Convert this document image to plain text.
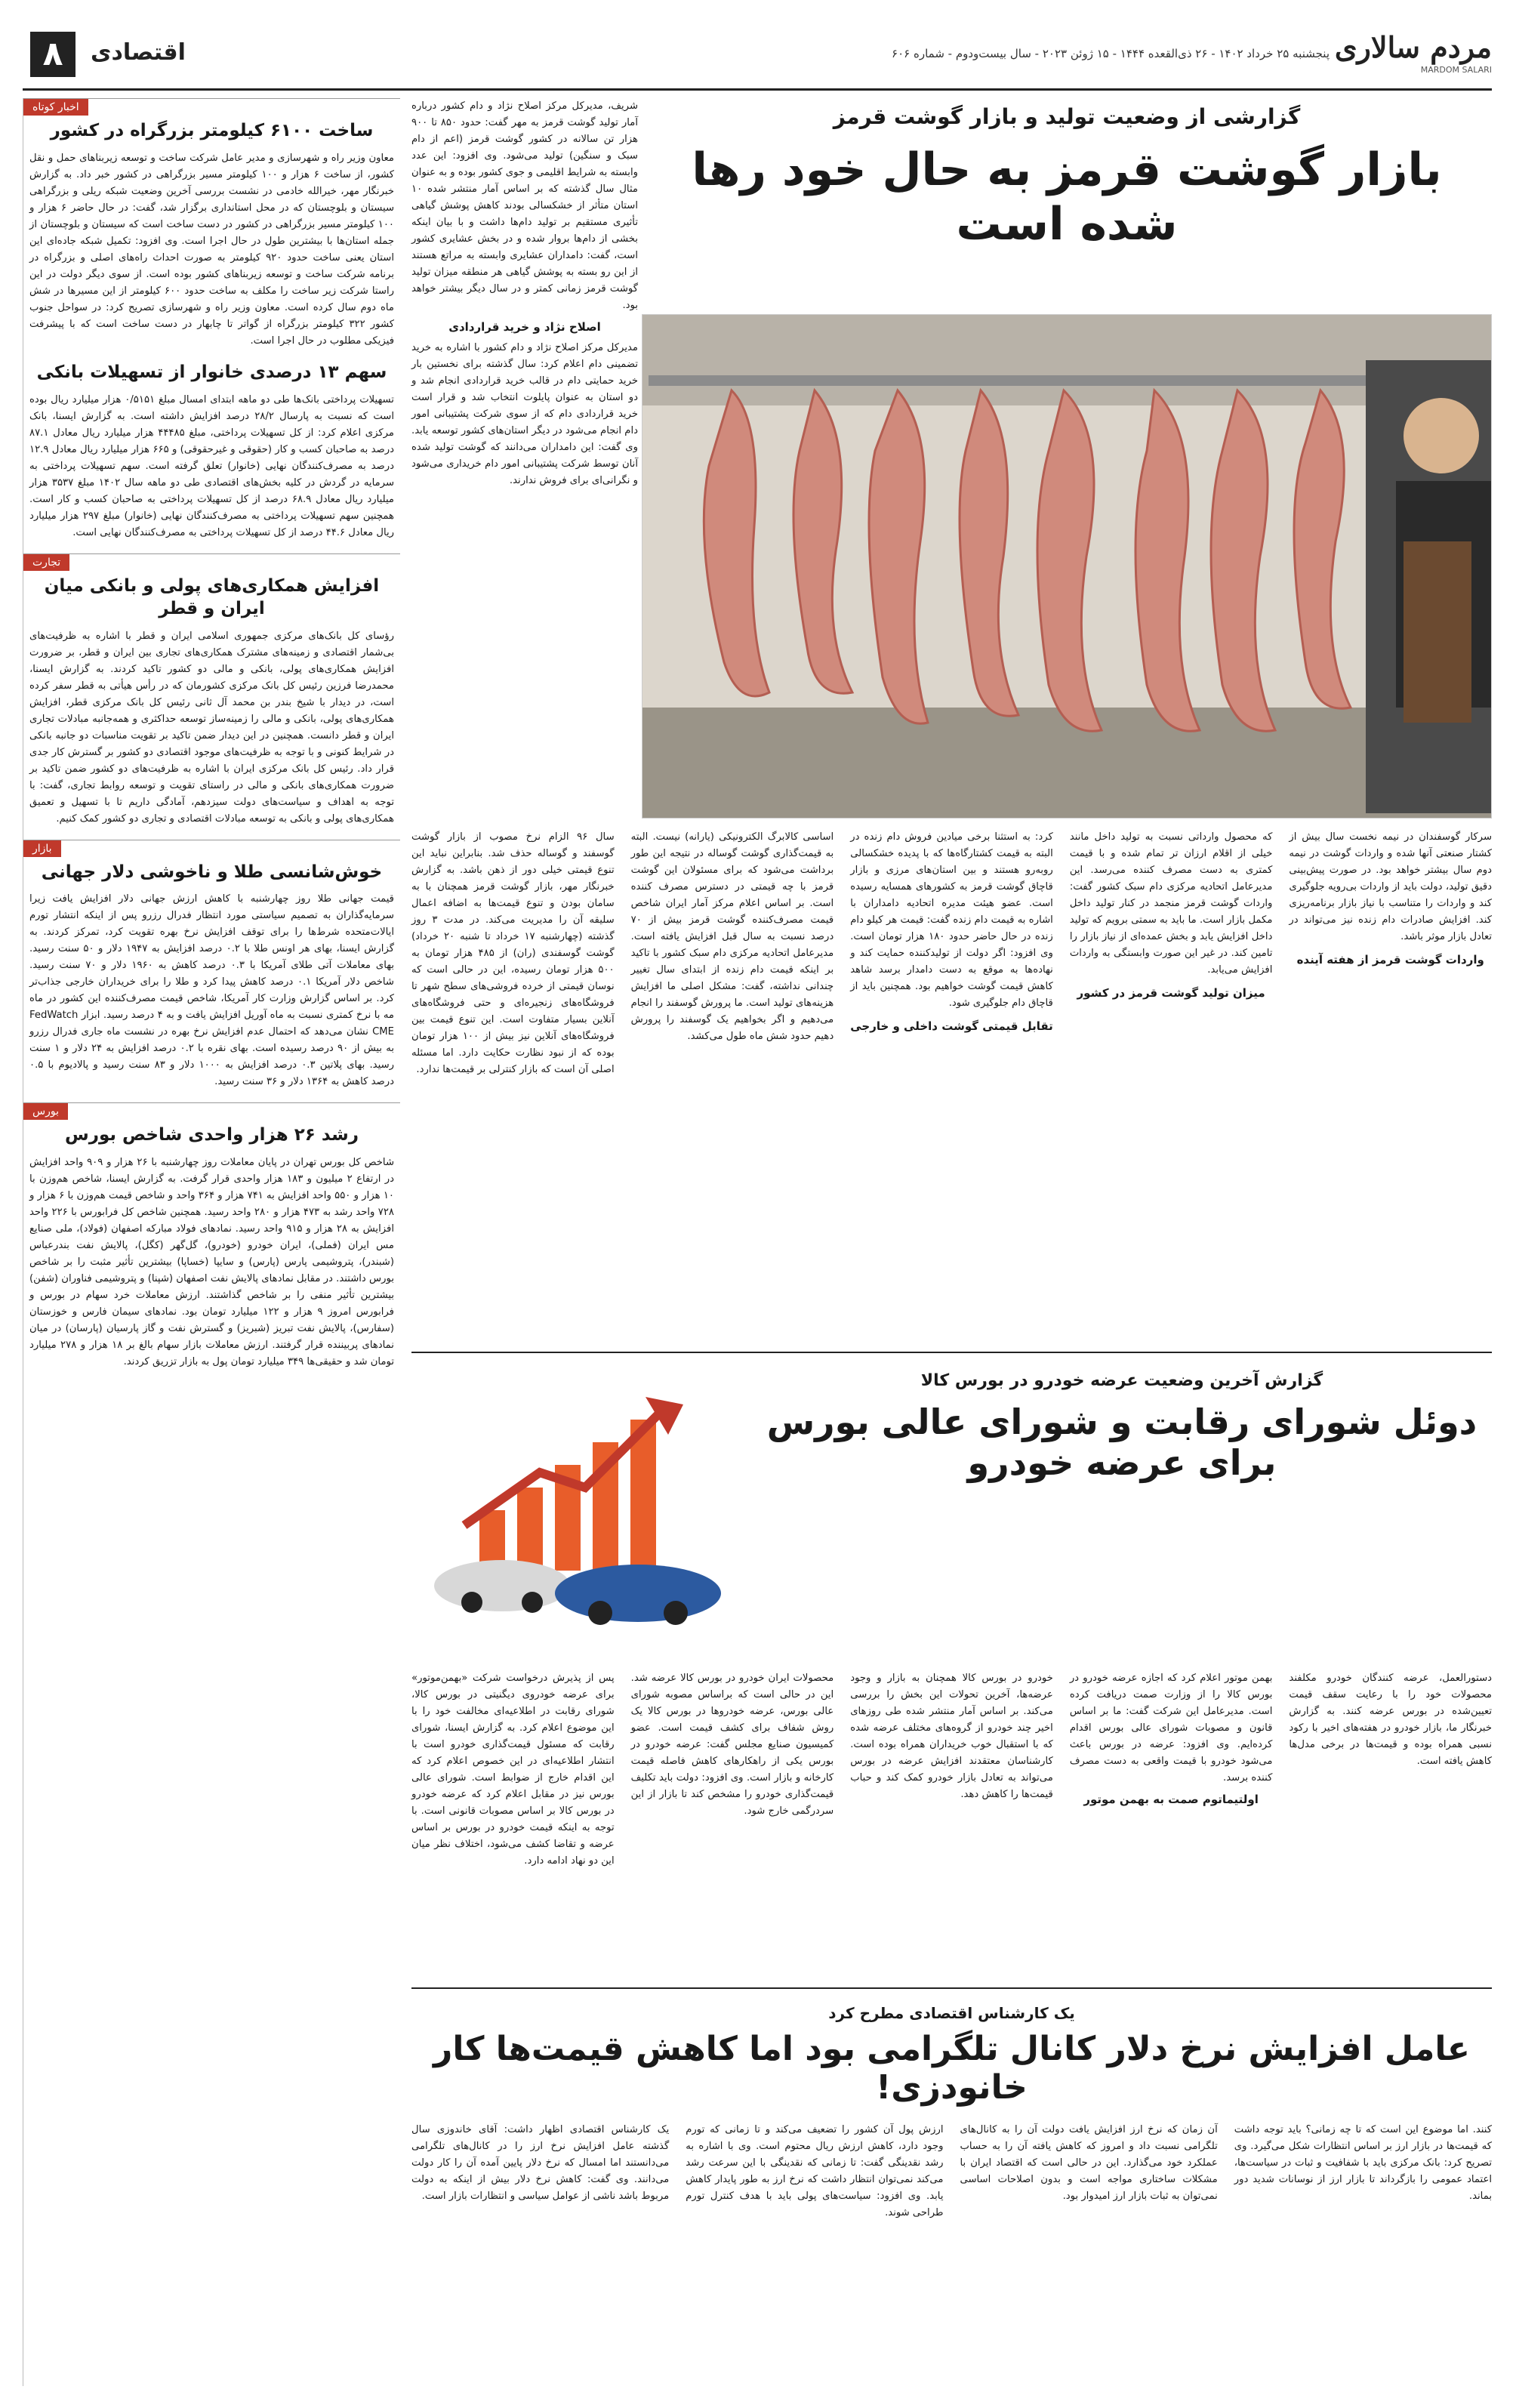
مردم سالاری
MARDOM SALARI
پنجشنبه ۲۵ خرداد ۱۴۰۲ - ۲۶ ذی‌القعده ۱۴۴۴ - ۱۵ ژوئن ۲۰۲۳ - سال بیست‌ودوم - شماره ۶۰۶
اقتصادی
۸
اخبار کوتاه
ساخت ۶۱۰۰ کیلومتر بزرگراه در کشور

معاون وزیر راه و شهرسازی و مدیر عامل شرکت ساخت و توسعه زیربناهای حمل و نقل کشور، از ساخت ۶ هزار و ۱۰۰ کیلومتر مسیر بزرگراهی در کشور خبر داد. به گزارش خبرنگار مهر، خیرالله خادمی در نشست بررسی آخرین وضعیت شبکه ریلی و بزرگراهی سیستان و بلوچستان که در محل استانداری برگزار شد، گفت: در حال حاضر ۶ هزار و ۱۰۰ کیلومتر مسیر بزرگراهی در کشور در دست ساخت است که سیستان و بلوچستان از جمله استان‌ها با بیشترین طول در حال اجرا است. وی افزود: تکمیل شبکه جاده‌ای این استان یعنی ساخت حدود ۹۲۰ کیلومتر به صورت احداث راه‌های اصلی و بزرگراه در برنامه شرکت ساخت و توسعه زیربناهای کشور بوده است. از سوی دیگر دولت در این راستا شرکت زیر ساخت را مکلف به ساخت حدود ۶۰۰ کیلومتر از این مسیرها در شش ماه دوم سال کرده است. معاون وزیر راه و شهرسازی تصریح کرد: در سواحل جنوب کشور ۳۲۲ کیلومتر بزرگراه از گواتر تا چابهار در دست ساخت است که با پیشرفت فیزیکی مطلوب در حال اجرا است.

سهم ۱۳ درصدی خانوار از تسهیلات بانکی

تسهیلات پرداختی بانک‌ها طی دو ماهه ابتدای امسال مبلغ ۰/۵۱۵۱ هزار میلیارد ریال بوده است که نسبت به پارسال ۲۸/۲ درصد افزایش داشته است. به گزارش ایسنا، بانک مرکزی اعلام کرد: از کل تسهیلات پرداختی، مبلغ ۴۴۴۸۵ هزار میلیارد ریال معادل ۸۷.۱ درصد به صاحبان کسب و کار (حقوقی و غیرحقوقی) و ۶۶۵ هزار میلیارد ریال معادل ۱۲.۹ درصد به مصرف‌کنندگان نهایی (خانوار) تعلق گرفته است. سهم تسهیلات پرداختی به سرمایه در گردش در کلیه بخش‌های اقتصادی طی دو ماهه سال ۱۴۰۲ مبلغ ۳۵۳۷ هزار میلیارد ریال معادل ۶۸.۹ درصد از کل تسهیلات پرداختی به صاحبان کسب و کار است. همچنین سهم تسهیلات پرداختی به مصرف‌کنندگان نهایی (خانوار) مبلغ ۲۹۷ هزار میلیارد ریال معادل ۴۴.۶ درصد از کل تسهیلات پرداختی به مصرف‌کنندگان نهایی است.

تجارت
افزایش همکاری‌های پولی و بانکی میان ایران و قطر

رؤسای کل بانک‌های مرکزی جمهوری اسلامی ایران و قطر با اشاره به ظرفیت‌های بی‌شمار اقتصادی و زمینه‌های مشترک همکاری‌های تجاری بین ایران و قطر، بر ضرورت افزایش همکاری‌های پولی، بانکی و مالی دو کشور تاکید کردند. به گزارش ایسنا، محمدرضا فرزین رئیس کل بانک مرکزی کشورمان که در رأس هیأتی به قطر سفر کرده است، در دیدار با شیخ بندر بن محمد آل ثانی رئیس کل بانک مرکزی قطر، افزایش همکاری‌های پولی، بانکی و مالی را زمینه‌ساز توسعه حداکثری و همه‌جانبه مبادلات تجاری ایران و قطر دانست. همچنین در این دیدار ضمن تاکید بر تقویت مناسبات دو جانبه بانکی در شرایط کنونی و با توجه به ظرفیت‌های موجود اقتصادی دو کشور بر گسترش کار جدی قرار داد. رئیس کل بانک مرکزی ایران با اشاره به ظرفیت‌های دو کشور ضمن تاکید بر ضرورت همکاری‌های بانکی و مالی در راستای تقویت و توسعه روابط تجاری، گفت: با توجه به اهداف و سیاست‌های دولت سیزدهم، آمادگی داریم تا با تسهیل و تعمیق همکاری‌های پولی و بانکی به توسعه مبادلات اقتصادی و تجاری دو کشور کمک کنیم.

بازار
خوش‌شانسی طلا و ناخوشی دلار جهانی

قیمت جهانی طلا روز چهارشنبه با کاهش ارزش جهانی دلار افزایش یافت زیرا سرمایه‌گذاران به تصمیم سیاستی مورد انتظار فدرال رزرو پس از اینکه انتشار تورم ایالات‌متحده شرط‌ها را برای توقف افزایش نرخ بهره تقویت کرد، تمرکز کردند. به گزارش ایسنا، بهای هر اونس طلا با ۰.۲ درصد افزایش به ۱۹۴۷ دلار و ۵۰ سنت رسید. بهای معاملات آتی طلای آمریکا با ۰.۳ درصد کاهش به ۱۹۶۰ دلار و ۷۰ سنت رسید. شاخص دلار آمریکا ۰.۱ درصد کاهش پیدا کرد و طلا را برای خریداران خارجی جذاب‌تر کرد. بر اساس گزارش وزارت کار آمریکا، شاخص قیمت مصرف‌کننده این کشور در ماه مه با نرخ کمتری نسبت به ماه آوریل افزایش یافت و به ۴ درصد رسید. ابزار FedWatch CME نشان می‌دهد که احتمال عدم افزایش نرخ بهره در نشست ماه جاری فدرال رزرو به بیش از ۹۰ درصد رسیده است. بهای نقره با ۰.۲ درصد افزایش به ۲۴ دلار و ۱ سنت رسید. بهای پلاتین ۰.۳ درصد افزایش به ۱۰۰۰ دلار و ۸۳ سنت رسید و پالادیوم با ۰.۵ درصد کاهش به ۱۳۶۴ دلار و ۳۶ سنت رسید.

بورس
رشد ۲۶ هزار واحدی شاخص بورس

شاخص کل بورس تهران در پایان معاملات روز چهارشنبه با ۲۶ هزار و ۹۰۹ واحد افزایش در ارتفاع ۲ میلیون و ۱۸۳ هزار واحدی قرار گرفت. به گزارش ایسنا، شاخص هم‌وزن با ۱۰ هزار و ۵۵۰ واحد افزایش به ۷۴۱ هزار و ۳۶۴ واحد و شاخص قیمت هم‌وزن با ۶ هزار و ۷۲۸ واحد رشد به ۴۷۳ هزار و ۲۸۰ واحد رسید. همچنین شاخص کل فرابورس با ۲۲۶ واحد افزایش به ۲۸ هزار و ۹۱۵ واحد رسید. نمادهای فولاد مبارکه اصفهان (فولاد)، ملی صنایع مس ایران (فملی)، ایران خودرو (خودرو)، گل‌گهر (کگل)، پالایش نفت بندرعباس (شبندر)، پتروشیمی پارس (پارس) و سایپا (خساپا) بیشترین تأثیر مثبت را بر شاخص بورس داشتند. در مقابل نمادهای پالایش نفت اصفهان (شپنا) و پتروشیمی فناوران (شفن) بیشترین تأثیر منفی را بر شاخص گذاشتند. ارزش معاملات خرد سهام در بورس و فرابورس امروز ۹ هزار و ۱۲۲ میلیارد تومان بود. نمادهای سیمان فارس و خوزستان (سفارس)، پالایش نفت تبریز (شبریز) و گسترش نفت و گاز پارسیان (پارسان) در میان نمادهای پربیننده قرار گرفتند. ارزش معاملات بازار سهام بالغ بر ۱۸ هزار و ۲۷۸ میلیارد تومان شد و حقیقی‌ها ۳۴۹ میلیارد تومان پول به بازار تزریق کردند.

گزارشی از وضعیت تولید و بازار گوشت قرمز
بازار گوشت قرمز به حال خود رها شده است

شریف، مدیرکل مرکز اصلاح نژاد و دام کشور درباره آمار تولید گوشت قرمز به مهر گفت: حدود ۸۵۰ تا ۹۰۰ هزار تن سالانه در کشور گوشت قرمز (اعم از دام سبک و سنگین) تولید می‌شود. وی افزود: این عدد وابسته به شرایط اقلیمی و جوی کشور بوده و به عنوان مثال سال گذشته که بر اساس آمار منتشر شده ۱۰ استان متأثر از خشکسالی بودند کاهش پوشش گیاهی تأثیری مستقیم بر تولید دام‌ها داشت و با بیان اینکه بخشی از دام‌ها بروار شده و در بخش عشایری کشور است، گفت: دامداران عشایری وابسته به مراتع هستند از این رو بسته به پوشش گیاهی هر منطقه میزان تولید گوشت قرمز زمانی کمتر و در سال دیگر بیشتر خواهد بود.

اصلاح نژاد و خرید قراردادی

مدیرکل مرکز اصلاح نژاد و دام کشور با اشاره به خرید تضمینی دام اعلام کرد: سال گذشته برای نخستین بار خرید حمایتی دام در قالب خرید قراردادی انجام شد و دو استان به عنوان پایلوت انتخاب شد و قرار است خرید قراردادی دام که از سوی شرکت پشتیبانی امور دام انجام می‌شود در دیگر استان‌های کشور توسعه یابد. وی گفت: این دامداران می‌دانند که گوشت تولید شده آنان توسط شرکت پشتیبانی امور دام خریداری می‌شود و نگرانی‌ای برای فروش ندارند.

سرکار گوسفندان در نیمه نخست سال بیش از کشتار صنعتی آنها شده و واردات گوشت در نیمه دوم سال بیشتر خواهد بود. در صورت پیش‌بینی دقیق تولید، دولت باید از واردات بی‌رویه جلوگیری کند و واردات را متناسب با نیاز بازار برنامه‌ریزی کند. افزایش صادرات دام زنده نیز می‌تواند در تعادل بازار موثر باشد.

واردات گوشت قرمز از هفته آینده

که محصول وارداتی نسبت به تولید داخل مانند خیلی از اقلام ارزان تر تمام شده و با قیمت کمتری به دست مصرف کننده می‌رسد. این مدیرعامل اتحادیه مرکزی دام سبک کشور گفت: واردات گوشت قرمز منجمد در کنار تولید داخل مکمل بازار است. ما باید به سمتی برویم که تولید داخل افزایش یابد و بخش عمده‌ای از نیاز بازار را تامین کند. در غیر این صورت وابستگی به واردات افزایش می‌یابد.

میزان تولید گوشت قرمز در کشور

کرد: به استثنا برخی میادین فروش دام زنده در البته به قیمت کشتارگاه‌ها که با پدیده خشکسالی روبه‌رو هستند و بین استان‌های مرزی و بازار قاچاق گوشت قرمز به کشورهای همسایه رسیده است. عضو هیئت مدیره اتحادیه دامداران با اشاره به قیمت دام زنده گفت: قیمت هر کیلو دام زنده در حال حاضر حدود ۱۸۰ هزار تومان است. وی افزود: اگر دولت از تولیدکننده حمایت کند و نهاده‌ها به موقع به دست دامدار برسد شاهد کاهش قیمت گوشت خواهیم بود. همچنین باید از قاچاق دام جلوگیری شود.

تقابل قیمتی گوشت داخلی و خارجی

اساسی کالابرگ الکترونیکی (یارانه) نیست. البته به قیمت‌گذاری گوشت گوساله در نتیجه این طور برداشت می‌شود که برای مسئولان این گوشت قرمز با چه قیمتی در دسترس مصرف کننده است. بر اساس اعلام مرکز آمار ایران شاخص قیمت مصرف‌کننده گوشت قرمز بیش از ۷۰ درصد نسبت به سال قبل افزایش یافته است. مدیرعامل اتحادیه مرکزی دام سبک کشور با تاکید بر اینکه قیمت دام زنده از ابتدای سال تغییر چندانی نداشته، گفت: مشکل اصلی ما افزایش هزینه‌های تولید است. ما پرورش گوسفند را انجام می‌دهیم و اگر بخواهیم یک گوسفند را پرورش دهیم حدود شش ماه طول می‌کشد.

سال ۹۶ الزام نرخ مصوب از بازار گوشت گوسفند و گوساله حذف شد. بنابراین نباید این تنوع قیمتی خیلی دور از ذهن باشد. به گزارش خبرنگار مهر، بازار گوشت قرمز همچنان با به سامان بودن و تنوع قیمت‌ها به اضافه اعمال سلیقه آن را مدیریت می‌کند. در مدت ۳ روز گذشته (چهارشنبه ۱۷ خرداد تا شنبه ۲۰ خرداد) گوشت گوسفندی (ران) از ۴۸۵ هزار تومان به ۵۰۰ هزار تومان رسیده، این در حالی است که نوسان قیمتی از خرده فروشی‌های سطح شهر تا فروشگاه‌های زنجیره‌ای و حتی فروشگاه‌های آنلاین بسیار متفاوت است. این تنوع قیمت بین فروشگاه‌های آنلاین نیز بیش از ۱۰۰ هزار تومان بوده که از نبود نظارت حکایت دارد. اما مسئله اصلی آن است که بازار کنترلی بر قیمت‌ها ندارد.

گزارش آخرین وضعیت عرضه خودرو در بورس کالا
دوئل شورای رقابت و شورای عالی بورس برای عرضه خودرو

دستورالعمل، عرضه کنندگان خودرو مکلفند محصولات خود را با رعایت سقف قیمت تعیین‌شده در بورس عرضه کنند. به گزارش خبرنگار ما، بازار خودرو در هفته‌های اخیر با رکود نسبی همراه بوده و قیمت‌ها در برخی مدل‌ها کاهش یافته است.

بهمن موتور اعلام کرد که اجازه عرضه خودرو در بورس کالا را از وزارت صمت دریافت کرده است. مدیرعامل این شرکت گفت: ما بر اساس قانون و مصوبات شورای عالی بورس اقدام کرده‌ایم. وی افزود: عرضه در بورس باعث می‌شود خودرو با قیمت واقعی به دست مصرف کننده برسد.

اولتیماتوم صمت به بهمن موتور

خودرو در بورس کالا همچنان به بازار و وجود عرضه‌ها، آخرین تحولات این بخش را بررسی می‌کند. بر اساس آمار منتشر شده طی روزهای اخیر چند خودرو از گروه‌های مختلف عرضه شده که با استقبال خوب خریداران همراه بوده است. کارشناسان معتقدند افزایش عرضه در بورس می‌تواند به تعادل بازار خودرو کمک کند و حباب قیمت‌ها را کاهش دهد.

محصولات ایران خودرو در بورس کالا عرضه شد. این در حالی است که براساس مصوبه شورای عالی بورس، عرضه خودروها در بورس کالا یک روش شفاف برای کشف قیمت است. عضو کمیسیون صنایع مجلس گفت: عرضه خودرو در بورس یکی از راهکارهای کاهش فاصله قیمت کارخانه و بازار است. وی افزود: دولت باید تکلیف قیمت‌گذاری خودرو را مشخص کند تا بازار از این سردرگمی خارج شود.

پس از پذیرش درخواست شرکت «بهمن‌موتور» برای عرضه خودروی دیگنیتی در بورس کالا، شورای رقابت در اطلاعیه‌ای مخالفت خود را با این موضوع اعلام کرد. به گزارش ایسنا، شورای رقابت که مسئول قیمت‌گذاری خودرو است با انتشار اطلاعیه‌ای در این خصوص اعلام کرد که این اقدام خارج از ضوابط است. شورای عالی بورس نیز در مقابل اعلام کرد که عرضه خودرو در بورس کالا بر اساس مصوبات قانونی است. با توجه به اینکه قیمت خودرو در بورس بر اساس عرضه و تقاضا کشف می‌شود، اختلاف نظر میان این دو نهاد ادامه دارد.

یک کارشناس اقتصادی مطرح کرد
عامل افزایش نرخ دلار کانال تلگرامی بود اما کاهش قیمت‌ها کار خانودزی!

کنند. اما موضوع این است که تا چه زمانی؟ باید توجه داشت که قیمت‌ها در بازار ارز بر اساس انتظارات شکل می‌گیرد. وی تصریح کرد: بانک مرکزی باید با شفافیت و ثبات در سیاست‌ها، اعتماد عمومی را بازگرداند تا بازار ارز از نوسانات شدید دور بماند.

آن زمان که نرخ ارز افزایش یافت دولت آن را به کانال‌های تلگرامی نسبت داد و امروز که کاهش یافته آن را به حساب عملکرد خود می‌گذارد. این در حالی است که اقتصاد ایران با مشکلات ساختاری مواجه است و بدون اصلاحات اساسی نمی‌توان به ثبات بازار ارز امیدوار بود.

ارزش پول آن کشور را تضعیف می‌کند و تا زمانی که تورم وجود دارد، کاهش ارزش ریال محتوم است. وی با اشاره به رشد نقدینگی گفت: تا زمانی که نقدینگی با این سرعت رشد می‌کند نمی‌توان انتظار داشت که نرخ ارز به طور پایدار کاهش یابد. وی افزود: سیاست‌های پولی باید با هدف کنترل تورم طراحی شوند.

یک کارشناس اقتصادی اظهار داشت: آقای خاندوزی سال گذشته عامل افزایش نرخ ارز را در کانال‌های تلگرامی می‌دانستند اما امسال که نرخ دلار پایین آمده آن را کار دولت می‌دانند. وی گفت: کاهش نرخ دلار بیش از اینکه به دولت مربوط باشد ناشی از عوامل سیاسی و انتظارات بازار است.
